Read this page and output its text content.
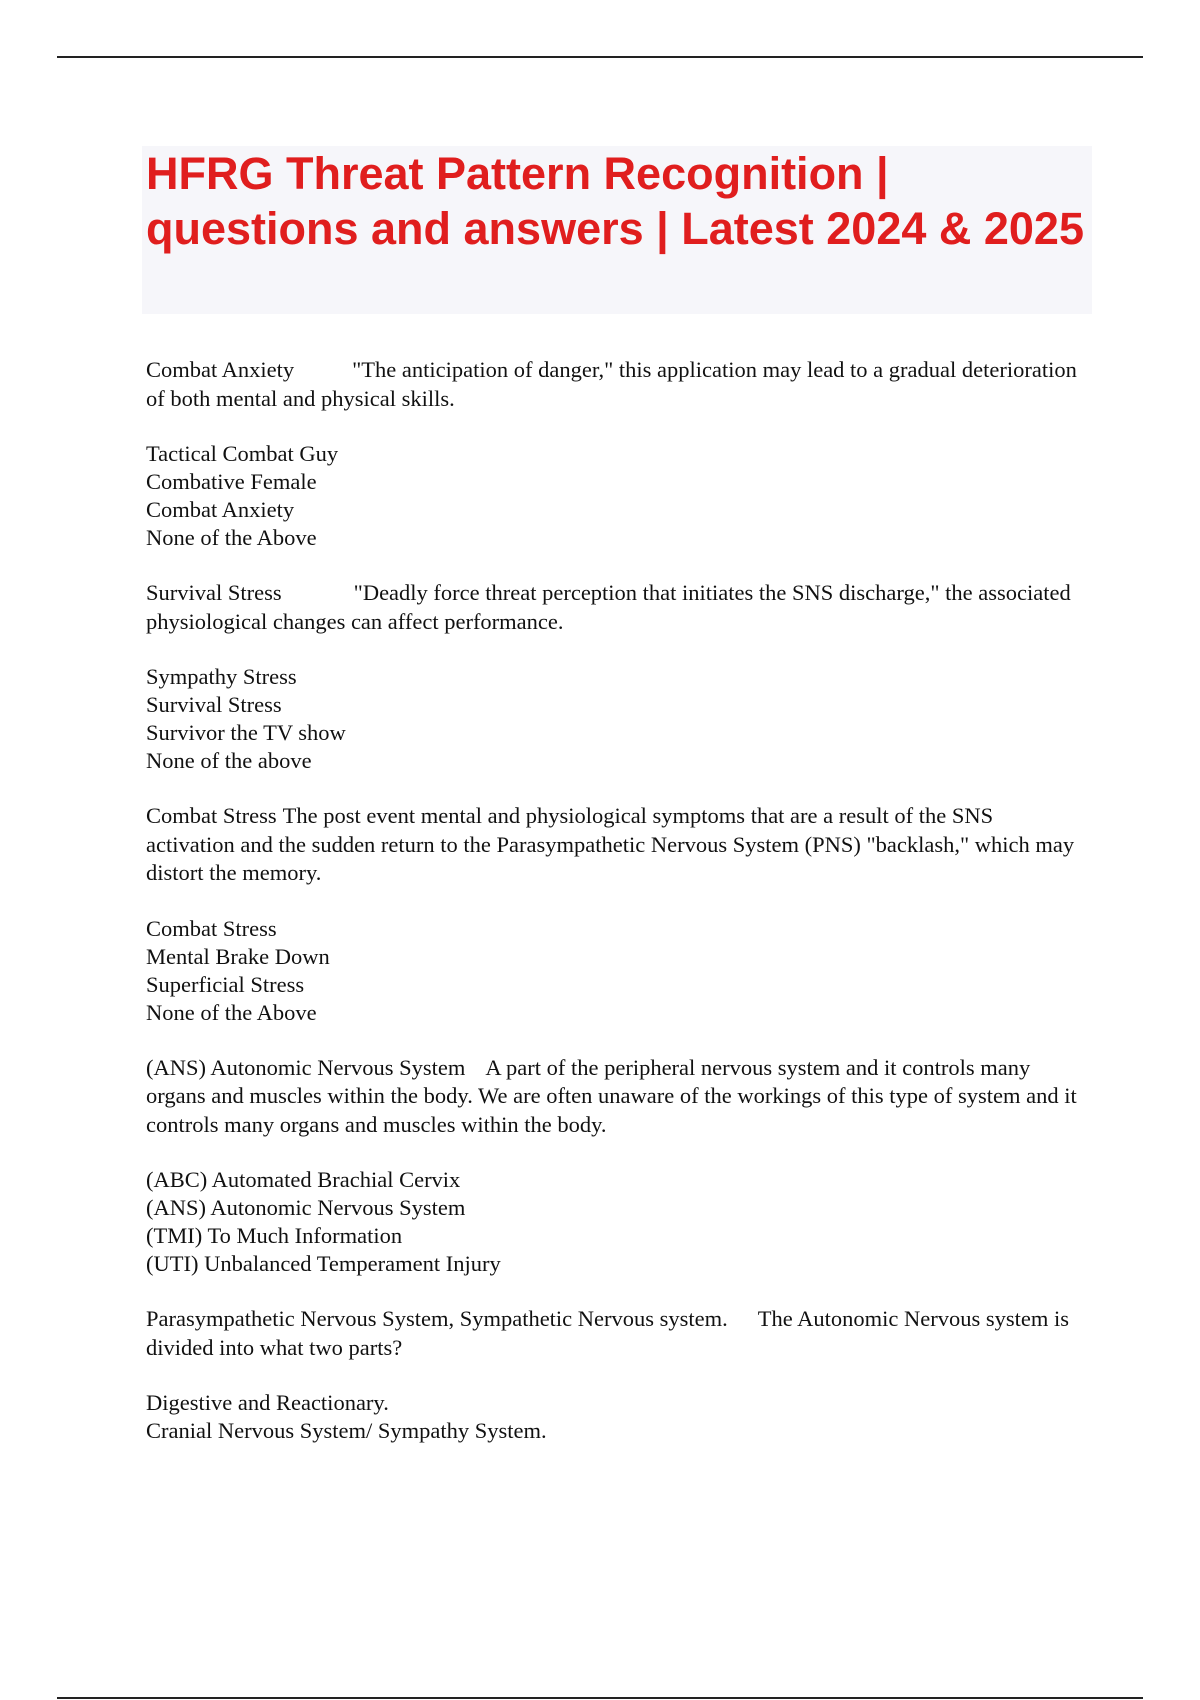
HFRG Threat Pattern Recognition | questions and answers | Latest 2024 & 2025

Combat Anxiety	"The anticipation of danger," this application may lead to a gradual deterioration of both mental and physical skills.

Tactical Combat Guy
Combative Female
Combat Anxiety
None of the Above

Survival Stress	"Deadly force threat perception that initiates the SNS discharge," the associated physiological changes can affect performance.

Sympathy Stress
Survival Stress
Survivor the TV show
None of the above

Combat Stress The post event mental and physiological symptoms that are a result of the SNS activation and the sudden return to the Parasympathetic Nervous System (PNS) "backlash," which may distort the memory.

Combat Stress
Mental Brake Down
Superficial Stress
None of the Above

(ANS) Autonomic Nervous System A part of the peripheral nervous system and it controls many organs and muscles within the body. We are often unaware of the workings of this type of system and it controls many organs and muscles within the body.

(ABC) Automated Brachial Cervix
(ANS) Autonomic Nervous System
(TMI) To Much Information
(UTI) Unbalanced Temperament Injury

Parasympathetic Nervous System, Sympathetic Nervous system. The Autonomic Nervous system is divided into what two parts?

Digestive and Reactionary.
Cranial Nervous System/ Sympathy System.
